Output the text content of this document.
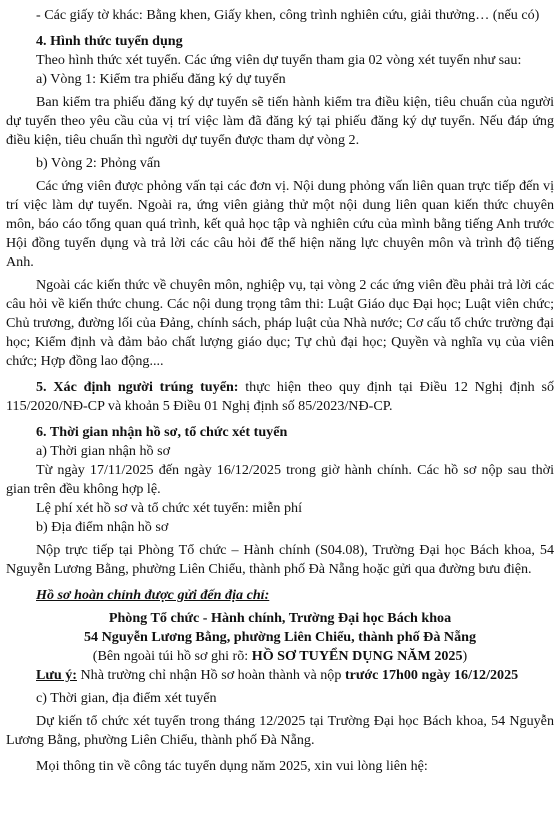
- Các giấy tờ khác: Bằng khen, Giấy khen, công trình nghiên cứu, giải thưởng… (nếu có)

4. Hình thức tuyển dụng

Theo hình thức xét tuyển. Các ứng viên dự tuyển tham gia 02 vòng xét tuyển như sau:

a) Vòng 1: Kiểm tra phiếu đăng ký dự tuyển

Ban kiểm tra phiếu đăng ký dự tuyển sẽ tiến hành kiểm tra điều kiện, tiêu chuẩn của người dự tuyển theo yêu cầu của vị trí việc làm đã đăng ký tại phiếu đăng ký dự tuyển. Nếu đáp ứng điều kiện, tiêu chuẩn thì người dự tuyển được tham dự vòng 2.

b) Vòng 2: Phỏng vấn

Các ứng viên được phỏng vấn tại các đơn vị. Nội dung phỏng vấn liên quan trực tiếp đến vị trí việc làm dự tuyển. Ngoài ra, ứng viên giảng thử một nội dung liên quan kiến thức chuyên môn, báo cáo tổng quan quá trình, kết quả học tập và nghiên cứu của mình bằng tiếng Anh trước Hội đồng tuyển dụng và trả lời các câu hỏi để thể hiện năng lực chuyên môn và trình độ tiếng Anh.

Ngoài các kiến thức về chuyên môn, nghiệp vụ, tại vòng 2 các ứng viên đều phải trả lời các câu hỏi về kiến thức chung. Các nội dung trọng tâm thi: Luật Giáo dục Đại học; Luật viên chức; Chủ trương, đường lối của Đảng, chính sách, pháp luật của Nhà nước; Cơ cấu tổ chức trường đại học; Kiểm định và đảm bảo chất lượng giáo dục; Tự chủ đại học; Quyền và nghĩa vụ của viên chức; Hợp đồng lao động....

5. Xác định người trúng tuyển: thực hiện theo quy định tại Điều 12 Nghị định số 115/2020/NĐ-CP và khoản 5 Điều 01 Nghị định số 85/2023/NĐ-CP.

6. Thời gian nhận hồ sơ, tổ chức xét tuyển

a) Thời gian nhận hồ sơ

Từ ngày 17/11/2025 đến ngày 16/12/2025 trong giờ hành chính. Các hồ sơ nộp sau thời gian trên đều không hợp lệ.

Lệ phí xét hồ sơ và tổ chức xét tuyển: miễn phí

b) Địa điểm nhận hồ sơ

Nộp trực tiếp tại Phòng Tổ chức – Hành chính (S04.08), Trường Đại học Bách khoa, 54 Nguyễn Lương Bằng, phường Liên Chiểu, thành phố Đà Nẵng hoặc gửi qua đường bưu điện.

Hồ sơ hoàn chỉnh được gửi đến địa chỉ:

Phòng Tổ chức - Hành chính, Trường Đại học Bách khoa

54 Nguyễn Lương Bằng, phường Liên Chiểu, thành phố Đà Nẵng

(Bên ngoài túi hồ sơ ghi rõ: HỒ SƠ TUYỂN DỤNG NĂM 2025)

Lưu ý: Nhà trường chỉ nhận Hồ sơ hoàn thành và nộp trước 17h00 ngày 16/12/2025

c) Thời gian, địa điểm xét tuyển

Dự kiến tổ chức xét tuyển trong tháng 12/2025 tại Trường Đại học Bách khoa, 54 Nguyễn Lương Bằng, phường Liên Chiểu, thành phố Đà Nẵng.

Mọi thông tin về công tác tuyển dụng năm 2025, xin vui lòng liên hệ:
